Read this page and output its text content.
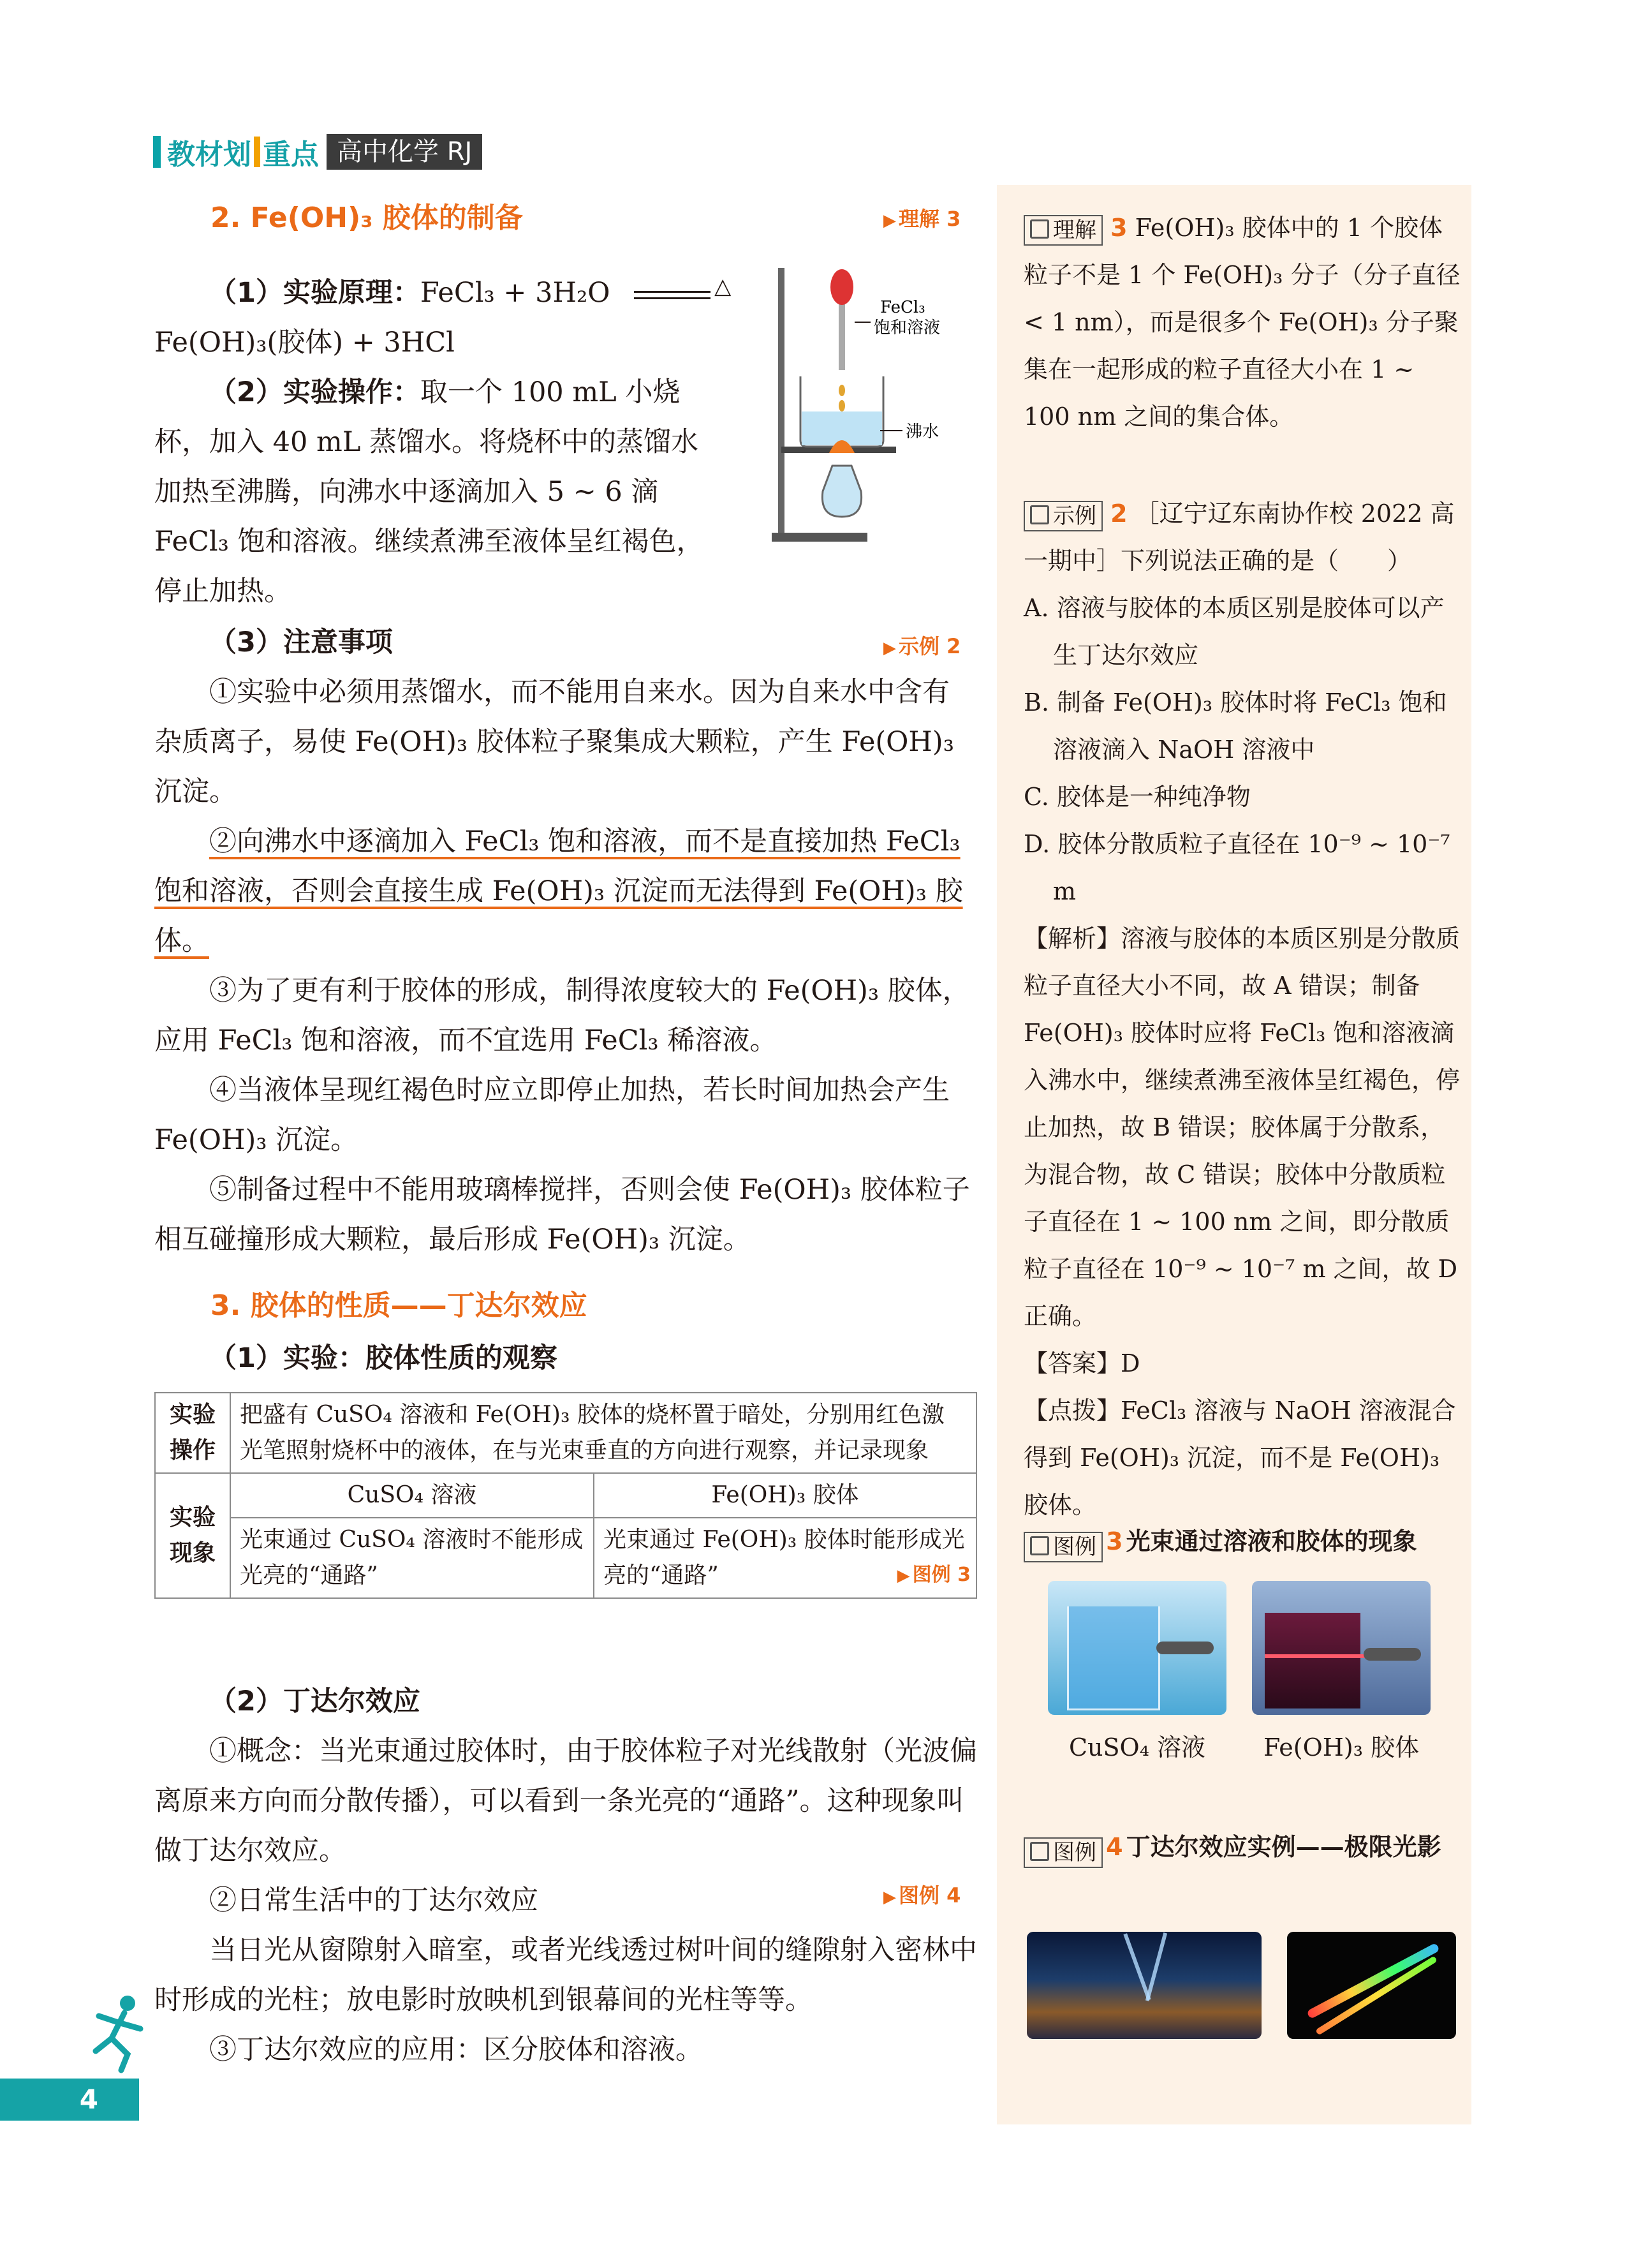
教材划 重点 高中化学 RJ
2. Fe(OH)₃ 胶体的制备	▶ 理解 3
（1）实验原理：FeCl₃ + 3H₂O	△
Fe(OH)₃(胶体) + 3HCl
（2）实验操作：取一个 100 mL 小烧杯，加入 40 mL 蒸馏水。将烧杯中的蒸馏水加热至沸腾，向沸水中逐滴加入 5 ~ 6 滴 FeCl₃ 饱和溶液。继续煮沸至液体呈红褐色，停止加热。
FeCl₃
饱和溶液
沸水
（3）注意事项
①实验中必须用蒸馏水，而不能用自来水。因为自来水中含有杂质离子，易使 Fe(OH)₃ 胶体粒子聚集成大颗粒，产生 Fe(OH)₃ 沉淀。
②向沸水中逐滴加入 FeCl₃ 饱和溶液，而不是直接加热 FeCl₃ 饱和溶液，否则会直接生成 Fe(OH)₃ 沉淀而无法得到 Fe(OH)₃ 胶体。
③为了更有利于胶体的形成，制得浓度较大的 Fe(OH)₃ 胶体，应用 FeCl₃ 饱和溶液，而不宜选用 FeCl₃ 稀溶液。
④当液体呈现红褐色时应立即停止加热，若长时间加热会产生 Fe(OH)₃ 沉淀。
⑤制备过程中不能用玻璃棒搅拌，否则会使 Fe(OH)₃ 胶体粒子相互碰撞形成大颗粒，最后形成 Fe(OH)₃ 沉淀。
▶ 示例 2
3. 胶体的性质——丁达尔效应
（1）实验：胶体性质的观察
实验操作	把盛有 CuSO₄ 溶液和 Fe(OH)₃ 胶体的烧杯置于暗处，分别用红色激光笔照射烧杯中的液体，在与光束垂直的方向进行观察，并记录现象	
实验现象	CuSO₄ 溶液	Fe(OH)₃ 胶体
	光束通过 CuSO₄ 溶液时不能形成光亮的“通路”	光束通过 Fe(OH)₃ 胶体时能形成光亮的“通路” ▶ 图例 3
（2）丁达尔效应
①概念：当光束通过胶体时，由于胶体粒子对光线散射（光波偏离原来方向而分散传播），可以看到一条光亮的“通路”。这种现象叫做丁达尔效应。
②日常生活中的丁达尔效应
当日光从窗隙射入暗室，或者光线透过树叶间的缝隙射入密林中时形成的光柱；放电影时放映机到银幕间的光柱等等。
③丁达尔效应的应用：区分胶体和溶液。
▶ 图例 4
4
理解 3 Fe(OH)₃ 胶体中的 1 个胶体粒子不是 1 个 Fe(OH)₃ 分子（分子直径 < 1 nm），而是很多个 Fe(OH)₃ 分子聚集在一起形成的粒子直径大小在 1 ~ 100 nm 之间的集合体。
示例 2 ［辽宁辽东南协作校 2022 高一期中］下列说法正确的是（　　）
A. 溶液与胶体的本质区别是胶体可以产生丁达尔效应
B. 制备 Fe(OH)₃ 胶体时将 FeCl₃ 饱和溶液滴入 NaOH 溶液中
C. 胶体是一种纯净物
D. 胶体分散质粒子直径在 10⁻⁹ ~ 10⁻⁷ m
【解析】溶液与胶体的本质区别是分散质粒子直径大小不同，故 A 错误；制备 Fe(OH)₃ 胶体时应将 FeCl₃ 饱和溶液滴入沸水中，继续煮沸至液体呈红褐色，停止加热，故 B 错误；胶体属于分散系，为混合物，故 C 错误；胶体中分散质粒子直径在 1 ~ 100 nm 之间，即分散质粒子直径在 10⁻⁹ ~ 10⁻⁷ m 之间，故 D 正确。
【答案】D
【点拨】FeCl₃ 溶液与 NaOH 溶液混合得到 Fe(OH)₃ 沉淀，而不是 Fe(OH)₃ 胶体。
图例 3 光束通过溶液和胶体的现象
CuSO₄ 溶液	Fe(OH)₃ 胶体
图例 4 丁达尔效应实例——极限光影
